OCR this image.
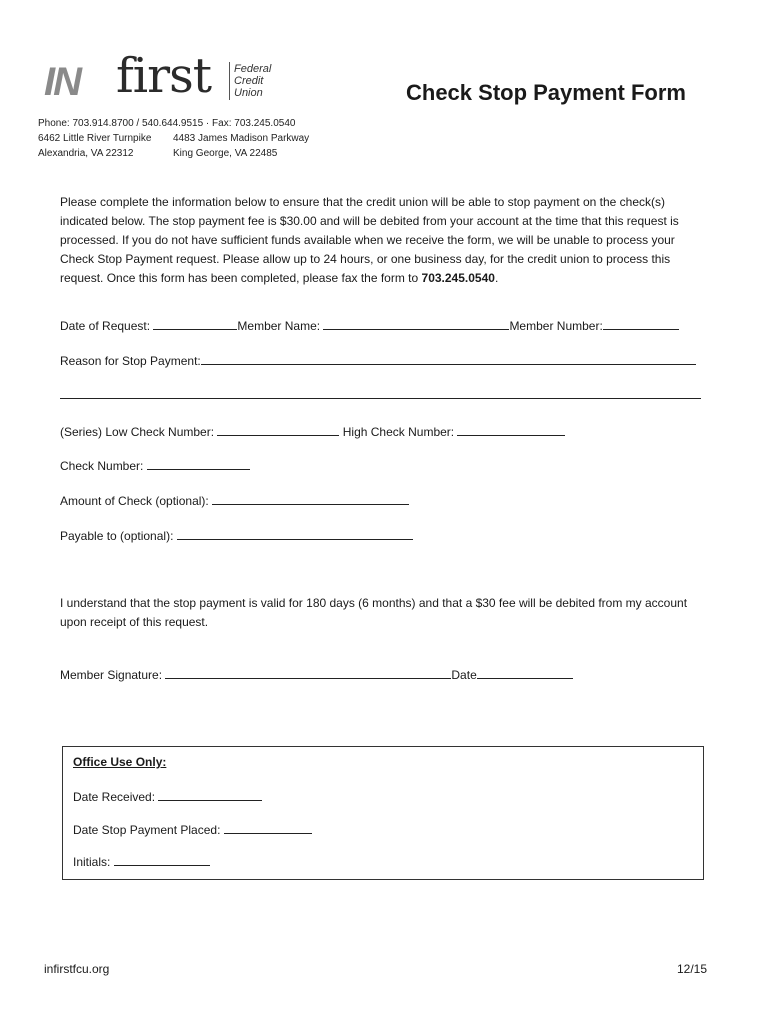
IN first Federal
Credit
Union
Phone: 703.914.8700 / 540.644.9515 · Fax: 703.245.0540
6462 Little River Turnpike	4483 James Madison Parkway
Alexandria, VA 22312	King George, VA 22485
Check Stop Payment Form
Please complete the information below to ensure that the credit union will be able to stop payment on the check(s) indicated below. The stop payment fee is $30.00 and will be debited from your account at the time that this request is processed. If you do not have sufficient funds available when we receive the form, we will be unable to process your Check Stop Payment request. Please allow up to 24 hours, or one business day, for the credit union to process this request. Once this form has been completed, please fax the form to 703.245.0540.
Date of Request:	Member Name:	Member Number:
Reason for Stop Payment:
(Series) Low Check Number:	High Check Number:
Check Number:
Amount of Check (optional):
Payable to (optional):
I understand that the stop payment is valid for 180 days (6 months) and that a $30 fee will be debited from my account upon receipt of this request.
Member Signature:	Date
Office Use Only:
Date Received:
Date Stop Payment Placed:
Initials:
infirstfcu.org	12/15
